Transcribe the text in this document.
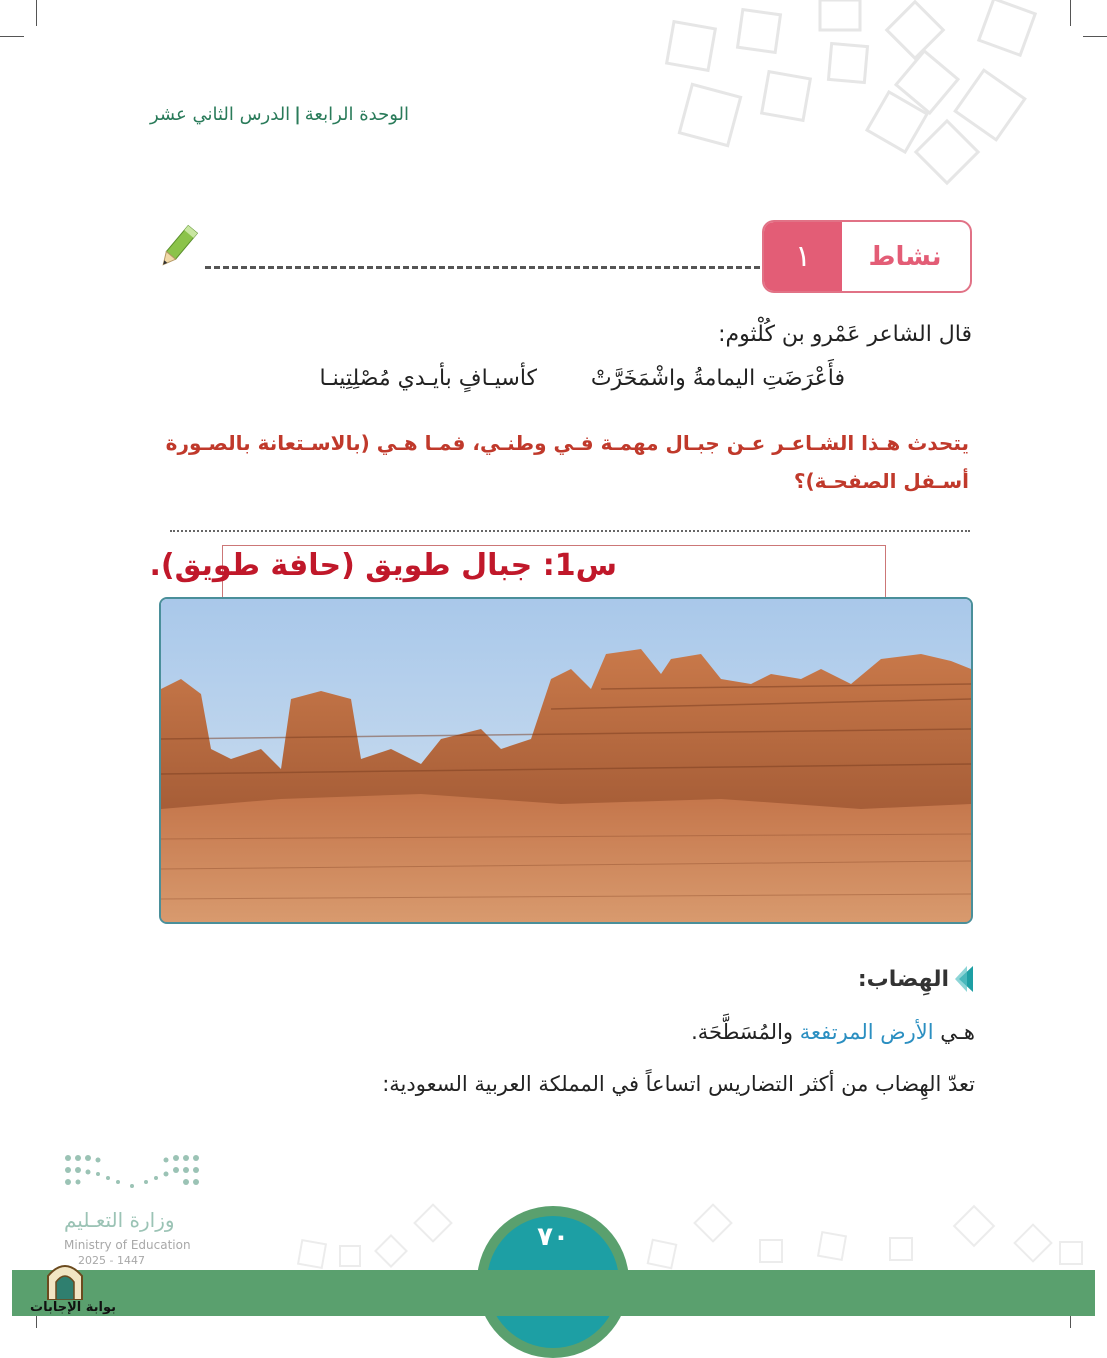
الوحدة الرابعة|الدرس الثاني عشر
١	نشاط
قال الشاعر عَمْرو بن كُلْثوم:
فأَعْرَضَتِ اليمامةُ واشْمَخَرَّتْ
كأسيـافٍ بأيـدي مُصْلِتِينـا
يتحدث هـذا الشـاعـر عـن جبـال مهمـة فـي وطنـي، فمـا هـي (بالاسـتعانة بالصـورة أسـفل الصفحـة)؟
س1: جبال طويق (حافة طويق).
الهِضاب:
هـي الأرض المرتفعة والمُسَطَّحَة.
تعدّ الهِضاب من أكثر التضاريس اتساعاً في المملكة العربية السعودية:
٧٠
وزارة التعـليم
Ministry of Education
2025 - 1447
بوابة الإجابات
